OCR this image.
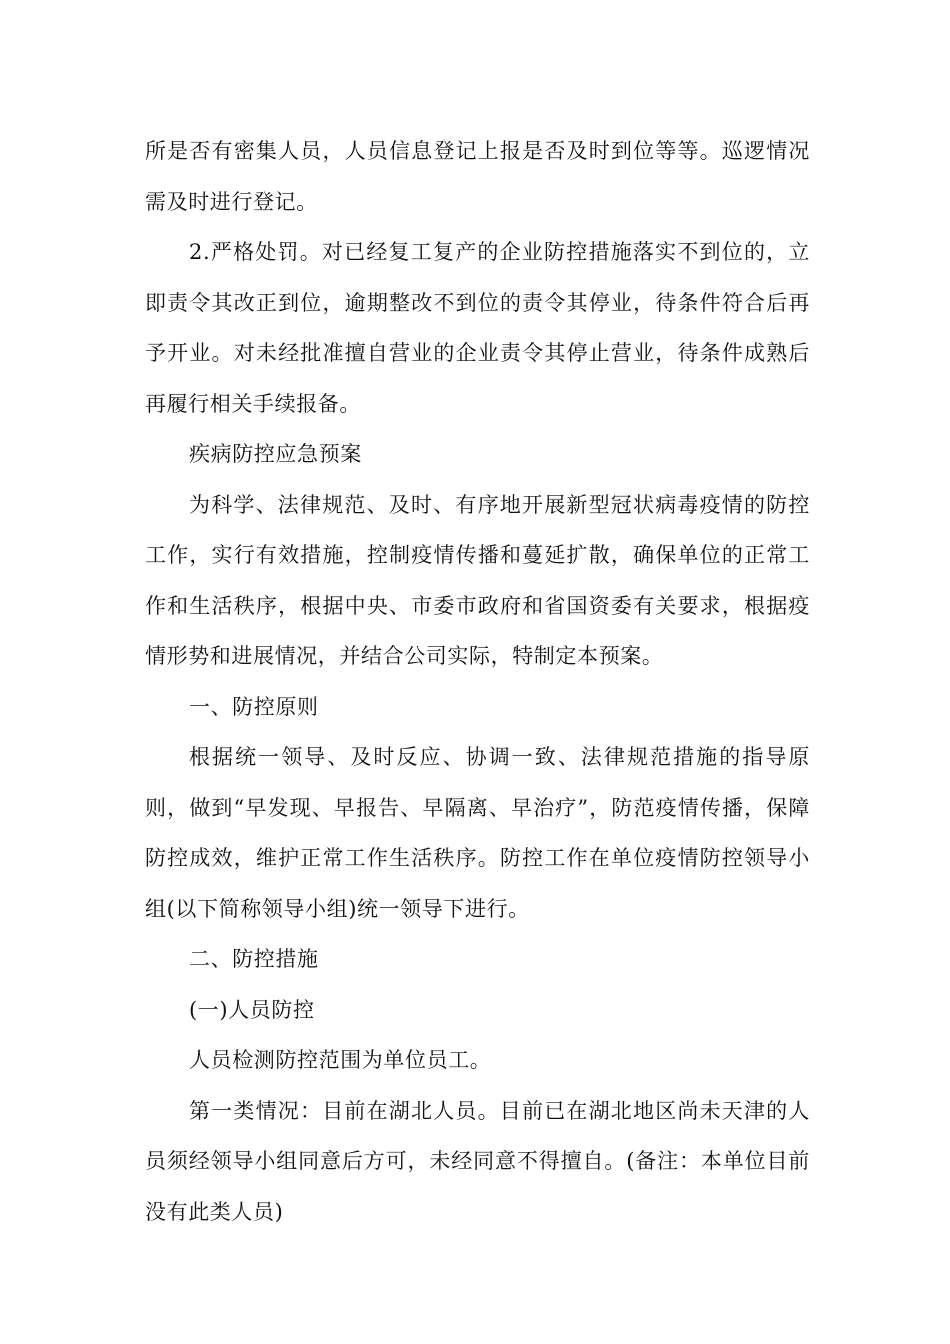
所是否有密集人员，人员信息登记上报是否及时到位等等。巡逻情况需及时进行登记。

2.严格处罚。对已经复工复产的企业防控措施落实不到位的，立即责令其改正到位，逾期整改不到位的责令其停业，待条件符合后再予开业。对未经批准擅自营业的企业责令其停止营业，待条件成熟后再履行相关手续报备。

疾病防控应急预案

为科学、法律规范、及时、有序地开展新型冠状病毒疫情的防控工作，实行有效措施，控制疫情传播和蔓延扩散，确保单位的正常工作和生活秩序，根据中央、市委市政府和省国资委有关要求，根据疫情形势和进展情况，并结合公司实际，特制定本预案。

一、防控原则

根据统一领导、及时反应、协调一致、法律规范措施的指导原则，做到“早发现、早报告、早隔离、早治疗”，防范疫情传播，保障防控成效，维护正常工作生活秩序。防控工作在单位疫情防控领导小组(以下简称领导小组)统一领导下进行。

二、防控措施

(一)人员防控

人员检测防控范围为单位员工。

第一类情况：目前在湖北人员。目前已在湖北地区尚未天津的人员须经领导小组同意后方可，未经同意不得擅自。(备注：本单位目前没有此类人员)
